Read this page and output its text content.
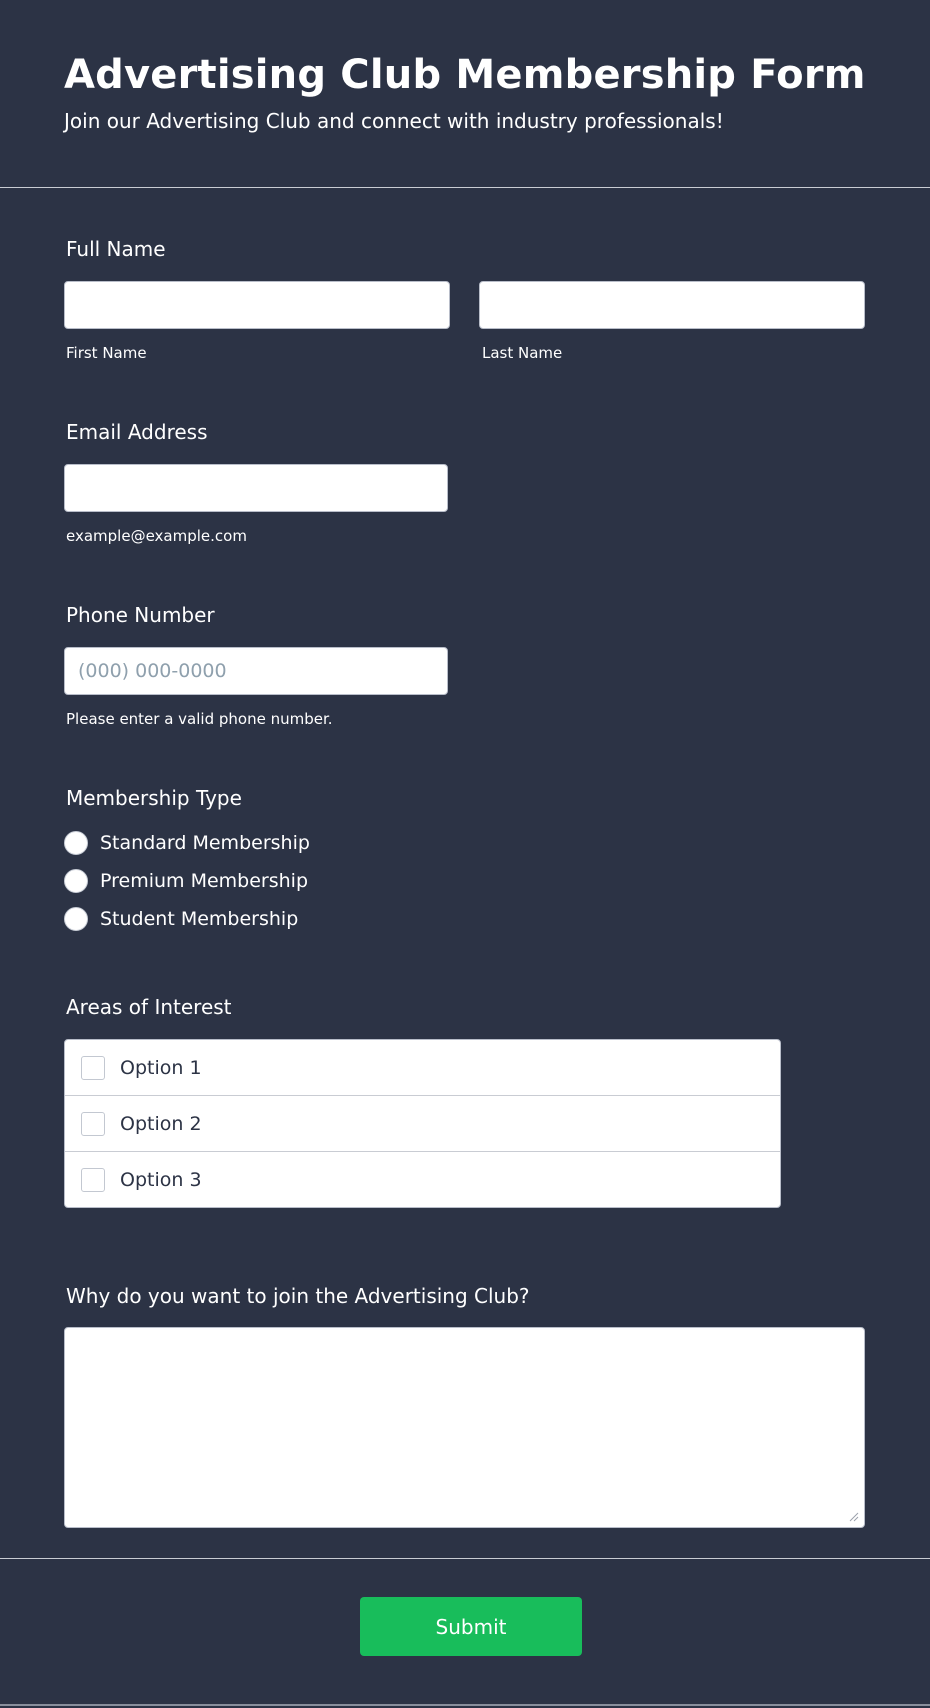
Advertising Club Membership Form

Join our Advertising Club and connect with industry professionals!

Full Name
First Name	Last Name
Email Address
example@example.com
Phone Number
(000) 000-0000
Please enter a valid phone number.
Membership Type
Standard Membership
Premium Membership
Student Membership
Areas of Interest
Option 1
Option 2
Option 3
Why do you want to join the Advertising Club?
Submit
